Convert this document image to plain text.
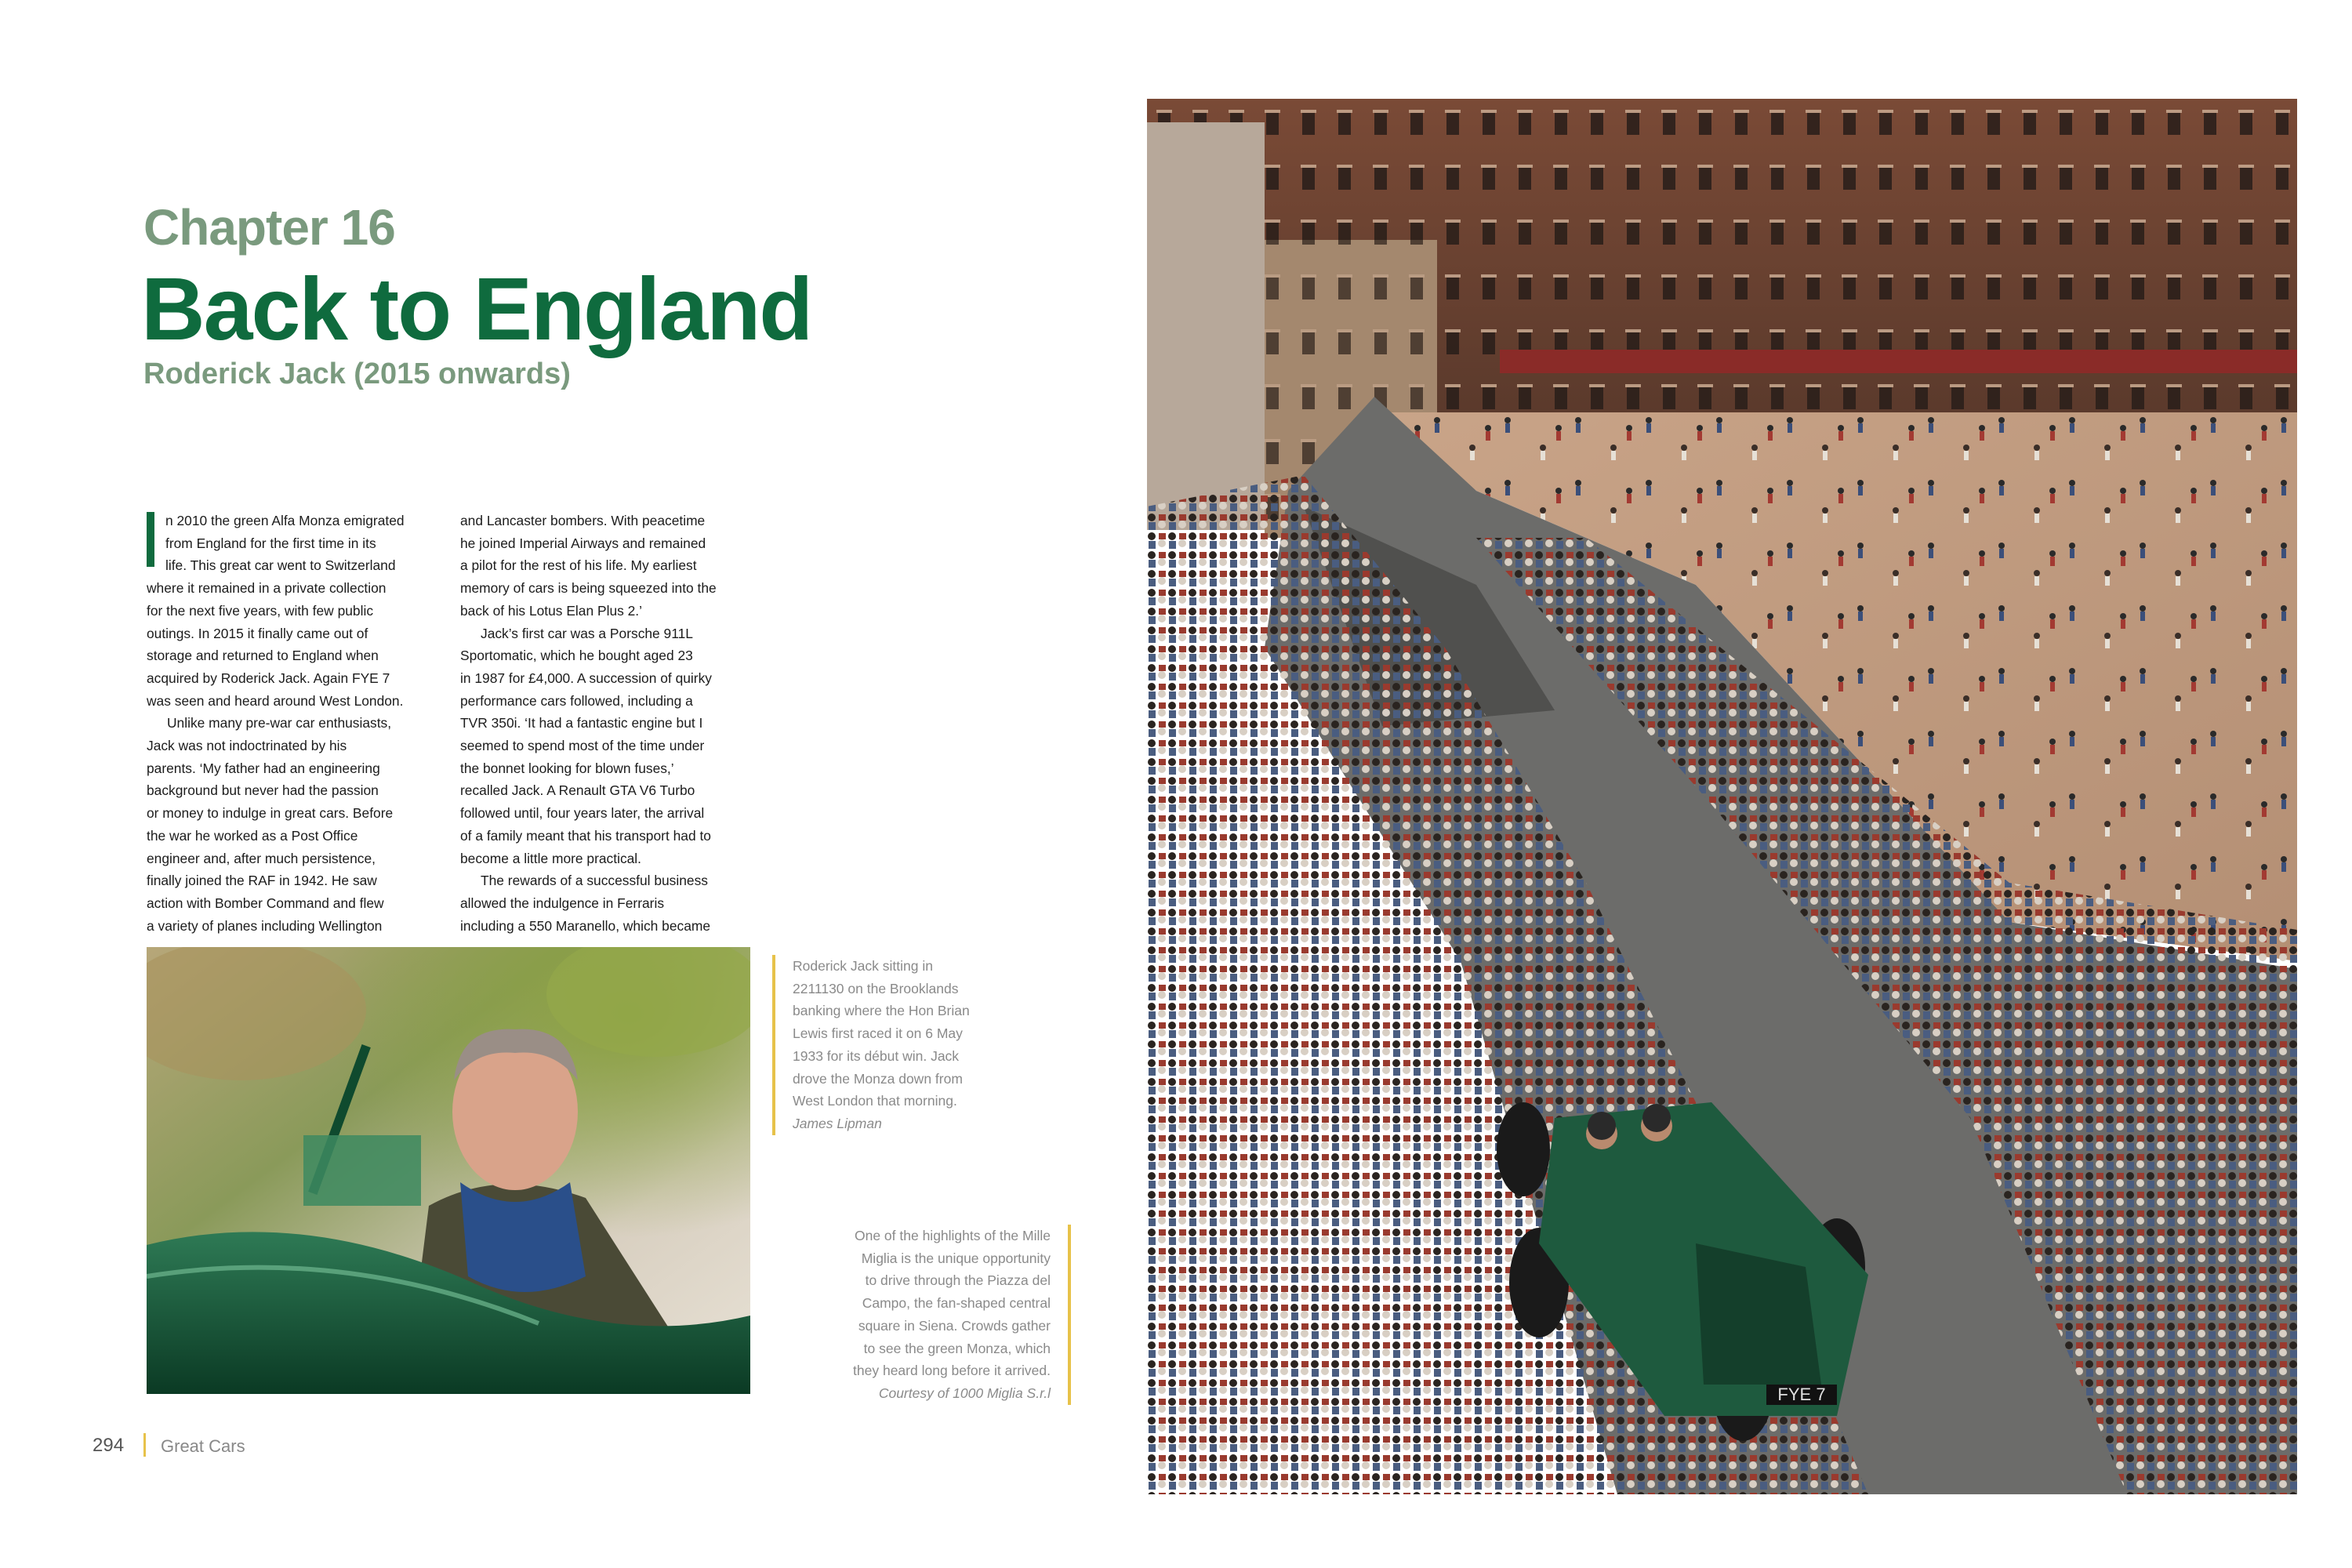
Chapter 16
Back to England
Roderick Jack (2015 onwards)
n 2010 the green Alfa Monza emigrated
from England for the first time in its
life. This great car went to Switzerland
where it remained in a private collection
for the next five years, with few public
outings. In 2015 it finally came out of
storage and returned to England when
acquired by Roderick Jack. Again FYE 7
was seen and heard around West London.
Unlike many pre-war car enthusiasts,
Jack was not indoctrinated by his
parents. ‘My father had an engineering
background but never had the passion
or money to indulge in great cars. Before
the war he worked as a Post Office
engineer and, after much persistence,
finally joined the RAF in 1942. He saw
action with Bomber Command and flew
a variety of planes including Wellington
and Lancaster bombers. With peacetime
he joined Imperial Airways and remained
a pilot for the rest of his life. My earliest
memory of cars is being squeezed into the
back of his Lotus Elan Plus 2.’
Jack’s first car was a Porsche 911L
Sportomatic, which he bought aged 23
in 1987 for £4,000. A succession of quirky
performance cars followed, including a
TVR 350i. ‘It had a fantastic engine but I
seemed to spend most of the time under
the bonnet looking for blown fuses,’
recalled Jack. A Renault GTA V6 Turbo
followed until, four years later, the arrival
of a family meant that his transport had to
become a little more practical.
The rewards of a successful business
allowed the indulgence in Ferraris
including a 550 Maranello, which became
Roderick Jack sitting in
2211130 on the Brooklands
banking where the Hon Brian
Lewis first raced it on 6 May
1933 for its début win. Jack
drove the Monza down from
West London that morning.
James Lipman
One of the highlights of the Mille
Miglia is the unique opportunity
to drive through the Piazza del
Campo, the fan-shaped central
square in Siena. Crowds gather
to see the green Monza, which
they heard long before it arrived.
Courtesy of 1000 Miglia S.r.l
294 Great Cars
FYE 7
